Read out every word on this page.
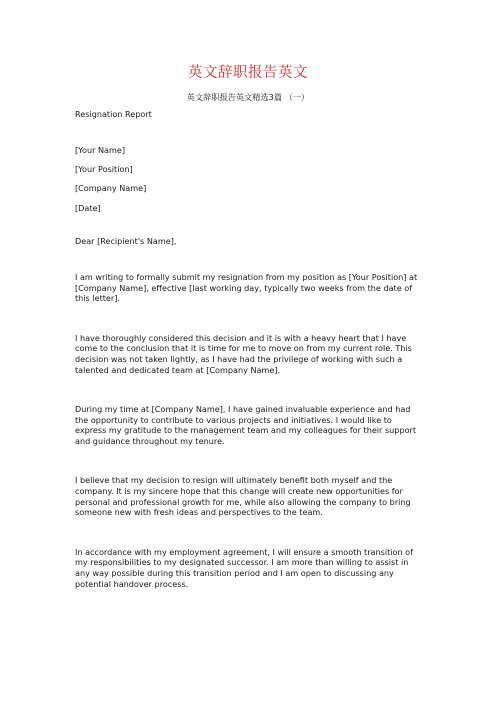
英文辞职报告英文
英文辞职报告英文精选3篇 （一）

Resignation Report

[Your Name]

[Your Position]

[Company Name]

[Date]

Dear [Recipient's Name],

I am writing to formally submit my resignation from my position as [Your Position] at [Company Name], effective [last working day, typically two weeks from the date of this letter].

I have thoroughly considered this decision and it is with a heavy heart that I have come to the conclusion that it is time for me to move on from my current role. This decision was not taken lightly, as I have had the privilege of working with such a talented and dedicated team at [Company Name].

During my time at [Company Name], I have gained invaluable experience and had the opportunity to contribute to various projects and initiatives. I would like to express my gratitude to the management team and my colleagues for their support and guidance throughout my tenure.

I believe that my decision to resign will ultimately benefit both myself and the company. It is my sincere hope that this change will create new opportunities for personal and professional growth for me, while also allowing the company to bring someone new with fresh ideas and perspectives to the team.

In accordance with my employment agreement, I will ensure a smooth transition of my responsibilities to my designated successor. I am more than willing to assist in any way possible during this transition period and I am open to discussing any potential handover process.
